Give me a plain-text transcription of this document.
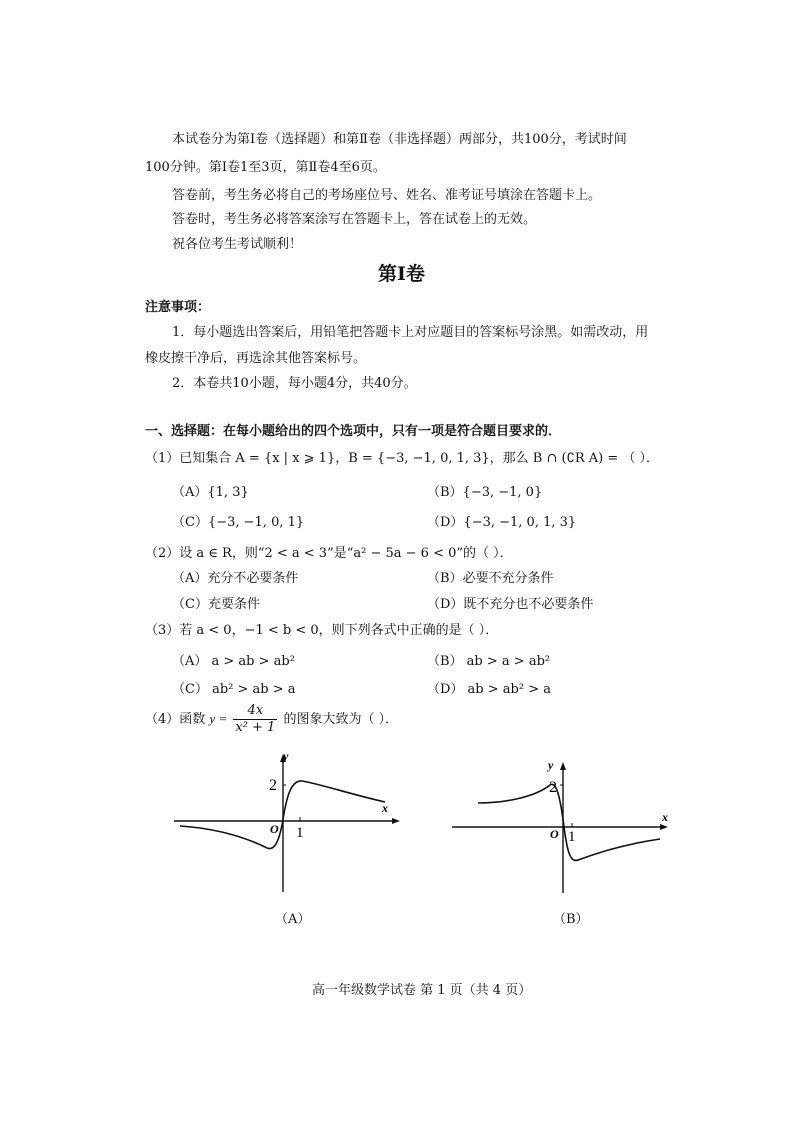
本试卷分为第Ⅰ卷（选择题）和第Ⅱ卷（非选择题）两部分，共100分，考试时间
100分钟。第Ⅰ卷1至3页，第Ⅱ卷4至6页。
答卷前，考生务必将自己的考场座位号、姓名、准考证号填涂在答题卡上。
答卷时，考生务必将答案涂写在答题卡上，答在试卷上的无效。
祝各位考生考试顺利！
第Ⅰ卷
注意事项：
1．每小题选出答案后，用铅笔把答题卡上对应题目的答案标号涂黑。如需改动，用
橡皮擦干净后，再选涂其他答案标号。
2．本卷共10小题，每小题4分，共40分。
一、选择题：在每小题给出的四个选项中，只有一项是符合题目要求的．
（1）已知集合 A = {x | x ⩾ 1}，B = {−3, −1, 0, 1, 3}，那么 B ∩ (∁R A) = （ ）．
（A）{1, 3}	（B）{−3, −1, 0}
（C）{−3, −1, 0, 1}	（D）{−3, −1, 0, 1, 3}
（2）设 a ∈ R，则“2 < a < 3”是“a² − 5a − 6 < 0”的（ ）．
（A）充分不必要条件	（B）必要不充分条件
（C）充要条件	（D）既不充分也不必要条件
（3）若 a < 0，−1 < b < 0，则下列各式中正确的是（ ）．
（A） a > ab > ab²	（B） ab > a > ab²
（C） ab² > ab > a	（D） ab > ab² > a
（4）函数 $y = \frac{4x}{\text{x² + 1}}$ 的图象大致为（ ）．
y
x
2
O 1
（A）
y
x
2
O 1
（B）
高一年级数学试卷 第 1 页（共 4 页）
